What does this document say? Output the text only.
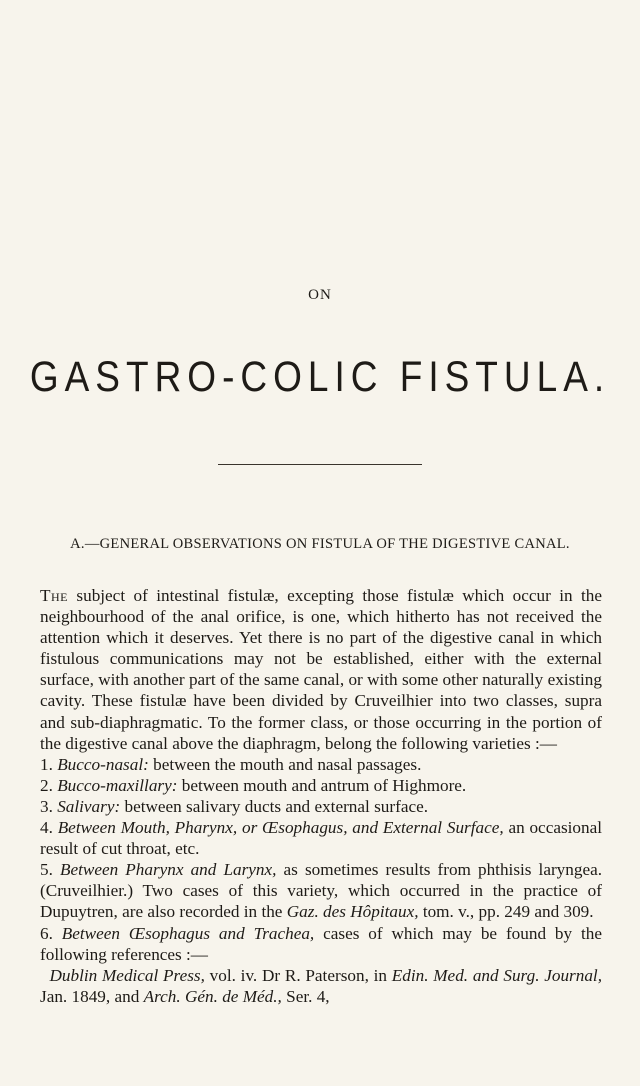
ON
GASTRO-COLIC FISTULA.
A.—GENERAL OBSERVATIONS ON FISTULA OF THE DIGESTIVE CANAL.

The subject of intestinal fistulæ, excepting those fistulæ which occur in the neighbourhood of the anal orifice, is one, which hitherto has not received the attention which it deserves. Yet there is no part of the digestive canal in which fistulous communications may not be established, either with the external surface, with another part of the same canal, or with some other naturally existing cavity. These fistulæ have been divided by Cruveilhier into two classes, supra and sub-diaphragmatic. To the former class, or those occurring in the portion of the digestive canal above the diaphragm, belong the following varieties :—

1. Bucco-nasal: between the mouth and nasal passages.

2. Bucco-maxillary: between mouth and antrum of Highmore.

3. Salivary: between salivary ducts and external surface.

4. Between Mouth, Pharynx, or Œsophagus, and External Surface, an occasional result of cut throat, etc.

5. Between Pharynx and Larynx, as sometimes results from phthisis laryngea. (Cruveilhier.) Two cases of this variety, which occurred in the practice of Dupuytren, are also recorded in the Gaz. des Hôpitaux, tom. v., pp. 249 and 309.

6. Between Œsophagus and Trachea, cases of which may be found by the following references :—

Dublin Medical Press, vol. iv. Dr R. Paterson, in Edin. Med. and Surg. Journal, Jan. 1849, and Arch. Gén. de Méd., Ser. 4,
